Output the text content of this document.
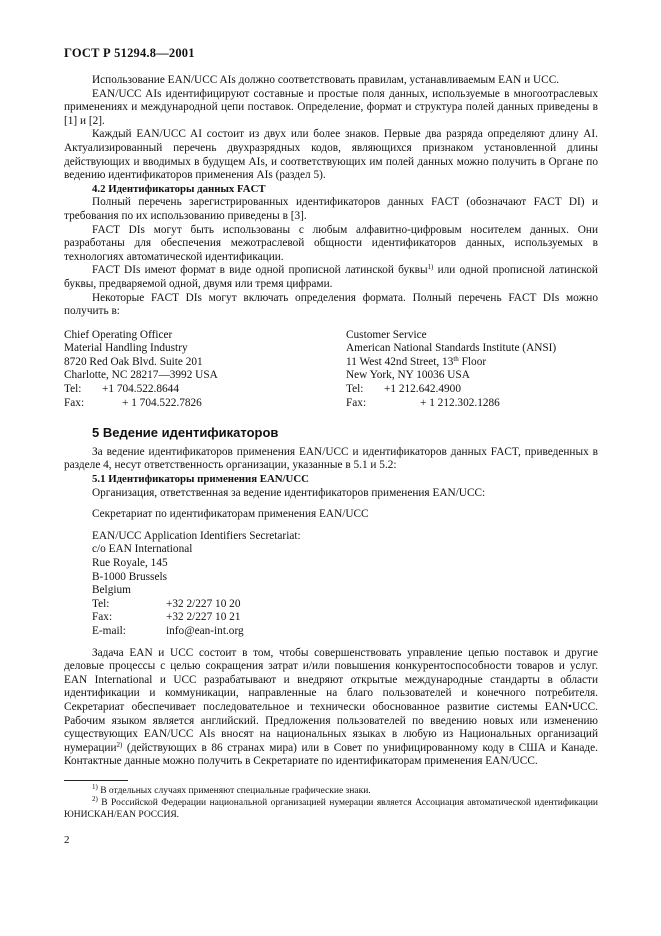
ГОСТ Р 51294.8—2001

Использование EAN/UCC AIs должно соответствовать правилам, устанавливаемым EAN и UCC.

EAN/UCC AIs идентифицируют составные и простые поля данных, используемые в многоотраслевых применениях и международной цепи поставок. Определение, формат и структура полей данных приведены в [1] и [2].

Каждый EAN/UCC AI состоит из двух или более знаков. Первые два разряда определяют длину AI. Актуализированный перечень двухразрядных кодов, являющихся признаком установленной длины действующих и вводимых в будущем AIs, и соответствующих им полей данных можно получить в Органе по ведению идентификаторов применения AIs (раздел 5).

4.2 Идентификаторы данных FACT

Полный перечень зарегистрированных идентификаторов данных FACT (обозначают FACT DI) и требования по их использованию приведены в [3].

FACT DIs могут быть использованы с любым алфавитно-цифровым носителем данных. Они разработаны для обеспечения межотраслевой общности идентификаторов данных, используемых в технологиях автоматической идентификации.

FACT DIs имеют формат в виде одной прописной латинской буквы$^{1)}$ или одной прописной латинской буквы, предваряемой одной, двумя или тремя цифрами.

Некоторые FACT DIs могут включать определения формата. Полный перечень FACT DIs можно получить в:

Chief Operating Officer
Material Handling Industry
8720 Red Oak Blvd. Suite 201
Charlotte, NC 28217—3992 USA
Tel: +1 704.522.8644
Fax:	+ 1 704.522.7826
Customer Service
American National Standards Institute (ANSI)
11 West 42nd Street, 13th Floor
New York, NY 10036 USA
Tel: +1 212.642.4900
Fax:	+ 1 212.302.1286
5 Ведение идентификаторов

За ведение идентификаторов применения EAN/UCC и идентификаторов данных FACT, приведенных в разделе 4, несут ответственность организации, указанные в 5.1 и 5.2:

5.1 Идентификаторы применения EAN/UCC

Организация, ответственная за ведение идентификаторов применения EAN/UCC:

Секретариат по идентификаторам применения EAN/UCC

EAN/UCC Application Identifiers Secretariat:
c/o EAN International
Rue Royale, 145
B-1000 Brussels
Belgium
Tel:	+32 2/227 10 20
Fax:	+32 2/227 10 21
E-mail:	info@ean-int.org

Задача EAN и UCC состоит в том, чтобы совершенствовать управление цепью поставок и другие деловые процессы с целью сокращения затрат и/или повышения конкурентоспособности товаров и услуг. EAN International и UCC разрабатывают и внедряют открытые международные стандарты в области идентификации и коммуникации, направленные на благо пользователей и конечного потребителя. Секретариат обеспечивает последовательное и технически обоснованное развитие системы EAN•UCC. Рабочим языком является английский. Предложения пользователей по введению новых или изменению существующих EAN/UCC AIs вносят на национальных языках в любую из Национальных организаций нумерации$^{2)}$ (действующих в 86 странах мира) или в Совет по унифицированному коду в США и Канаде. Контактные данные можно получить в Секретариате по идентификаторам применения EAN/UCC.

$^{1)}$ В отдельных случаях применяют специальные графические знаки.
$^{2)}$ В Российской Федерации национальной организацией нумерации является Ассоциация автоматической идентификации ЮНИСКАН/EAN РОССИЯ.
2
